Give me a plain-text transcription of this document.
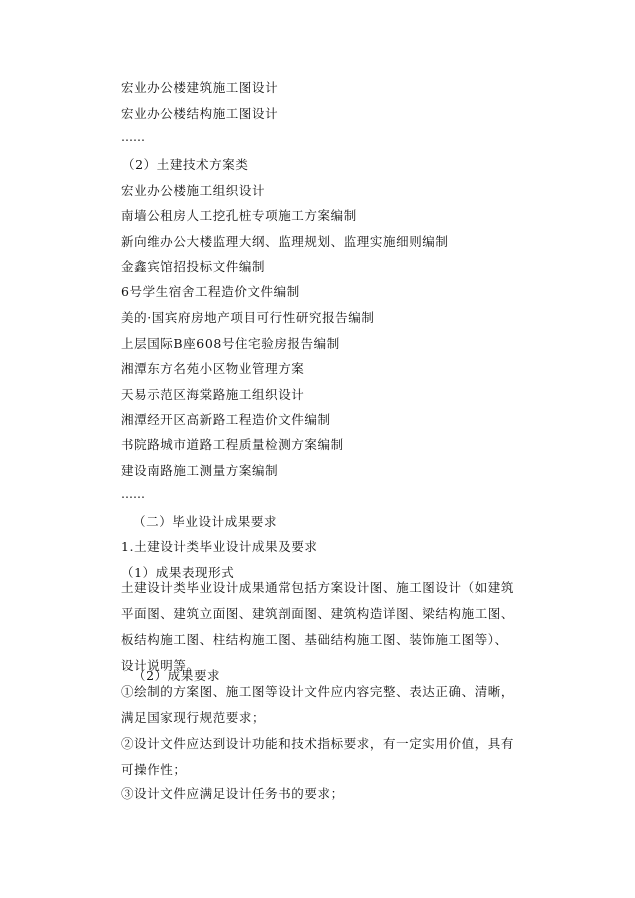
宏业办公楼建筑施工图设计
宏业办公楼结构施工图设计
……
（2）土建技术方案类
宏业办公楼施工组织设计
南墙公租房人工挖孔桩专项施工方案编制
新向维办公大楼监理大纲、监理规划、监理实施细则编制
金鑫宾馆招投标文件编制
6号学生宿舍工程造价文件编制
美的·国宾府房地产项目可行性研究报告编制
上层国际B座608号住宅验房报告编制
湘潭东方名苑小区物业管理方案
天易示范区海棠路施工组织设计
湘潭经开区高新路工程造价文件编制
书院路城市道路工程质量检测方案编制
建设南路施工测量方案编制
……
（二）毕业设计成果要求
1.土建设计类毕业设计成果及要求
（1）成果表现形式
土建设计类毕业设计成果通常包括方案设计图、施工图设计（如建筑平面图、建筑立面图、建筑剖面图、建筑构造详图、梁结构施工图、板结构施工图、柱结构施工图、基础结构施工图、装饰施工图等）、设计说明等。
（2）成果要求
①绘制的方案图、施工图等设计文件应内容完整、表达正确、清晰，满足国家现行规范要求；
②设计文件应达到设计功能和技术指标要求，有一定实用价值，具有可操作性；
③设计文件应满足设计任务书的要求；
